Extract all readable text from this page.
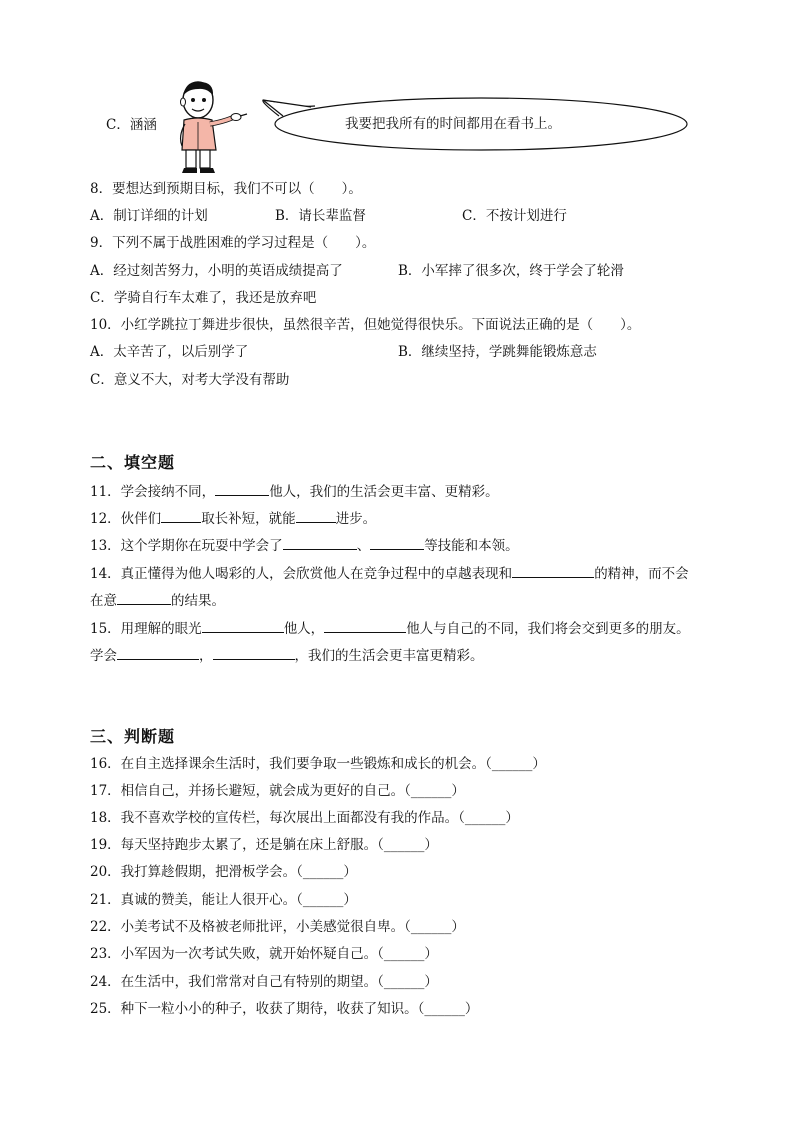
C．涵涵	我要把我所有的时间都用在看书上。
8．要想达到预期目标，我们不可以（　　）。
A．制订详细的计划	B．请长辈监督	C．不按计划进行
9．下列不属于战胜困难的学习过程是（　　）。
A．经过刻苦努力，小明的英语成绩提高了	B．小军摔了很多次，终于学会了轮滑
C．学骑自行车太难了，我还是放弃吧
10．小红学跳拉丁舞进步很快，虽然很辛苦，但她觉得很快乐。下面说法正确的是（　　）。
A．太辛苦了，以后别学了	B．继续坚持，学跳舞能锻炼意志
C．意义不大，对考大学没有帮助
二、填空题
11．学会接纳不同，	他人，我们的生活会更丰富、更精彩。
12．伙伴们	取长补短，就能	进步。
13．这个学期你在玩耍中学会了	、	等技能和本领。
14．真正懂得为他人喝彩的人，会欣赏他人在竞争过程中的卓越表现和	的精神，而不会
在意	的结果。
15．用理解的眼光	他人，	他人与自己的不同，我们将会交到更多的朋友。
学会	，	，我们的生活会更丰富更精彩。
三、判断题
16．在自主选择课余生活时，我们要争取一些锻炼和成长的机会。（______）
17．相信自己，并扬长避短，就会成为更好的自己。（______）
18．我不喜欢学校的宣传栏，每次展出上面都没有我的作品。（______）
19．每天坚持跑步太累了，还是躺在床上舒服。（______）
20．我打算趁假期，把滑板学会。（______）
21．真诚的赞美，能让人很开心。（______）
22．小美考试不及格被老师批评，小美感觉很自卑。（______）
23．小军因为一次考试失败，就开始怀疑自己。（______）
24．在生活中，我们常常对自己有特别的期望。（______）
25．种下一粒小小的种子，收获了期待，收获了知识。（______）
